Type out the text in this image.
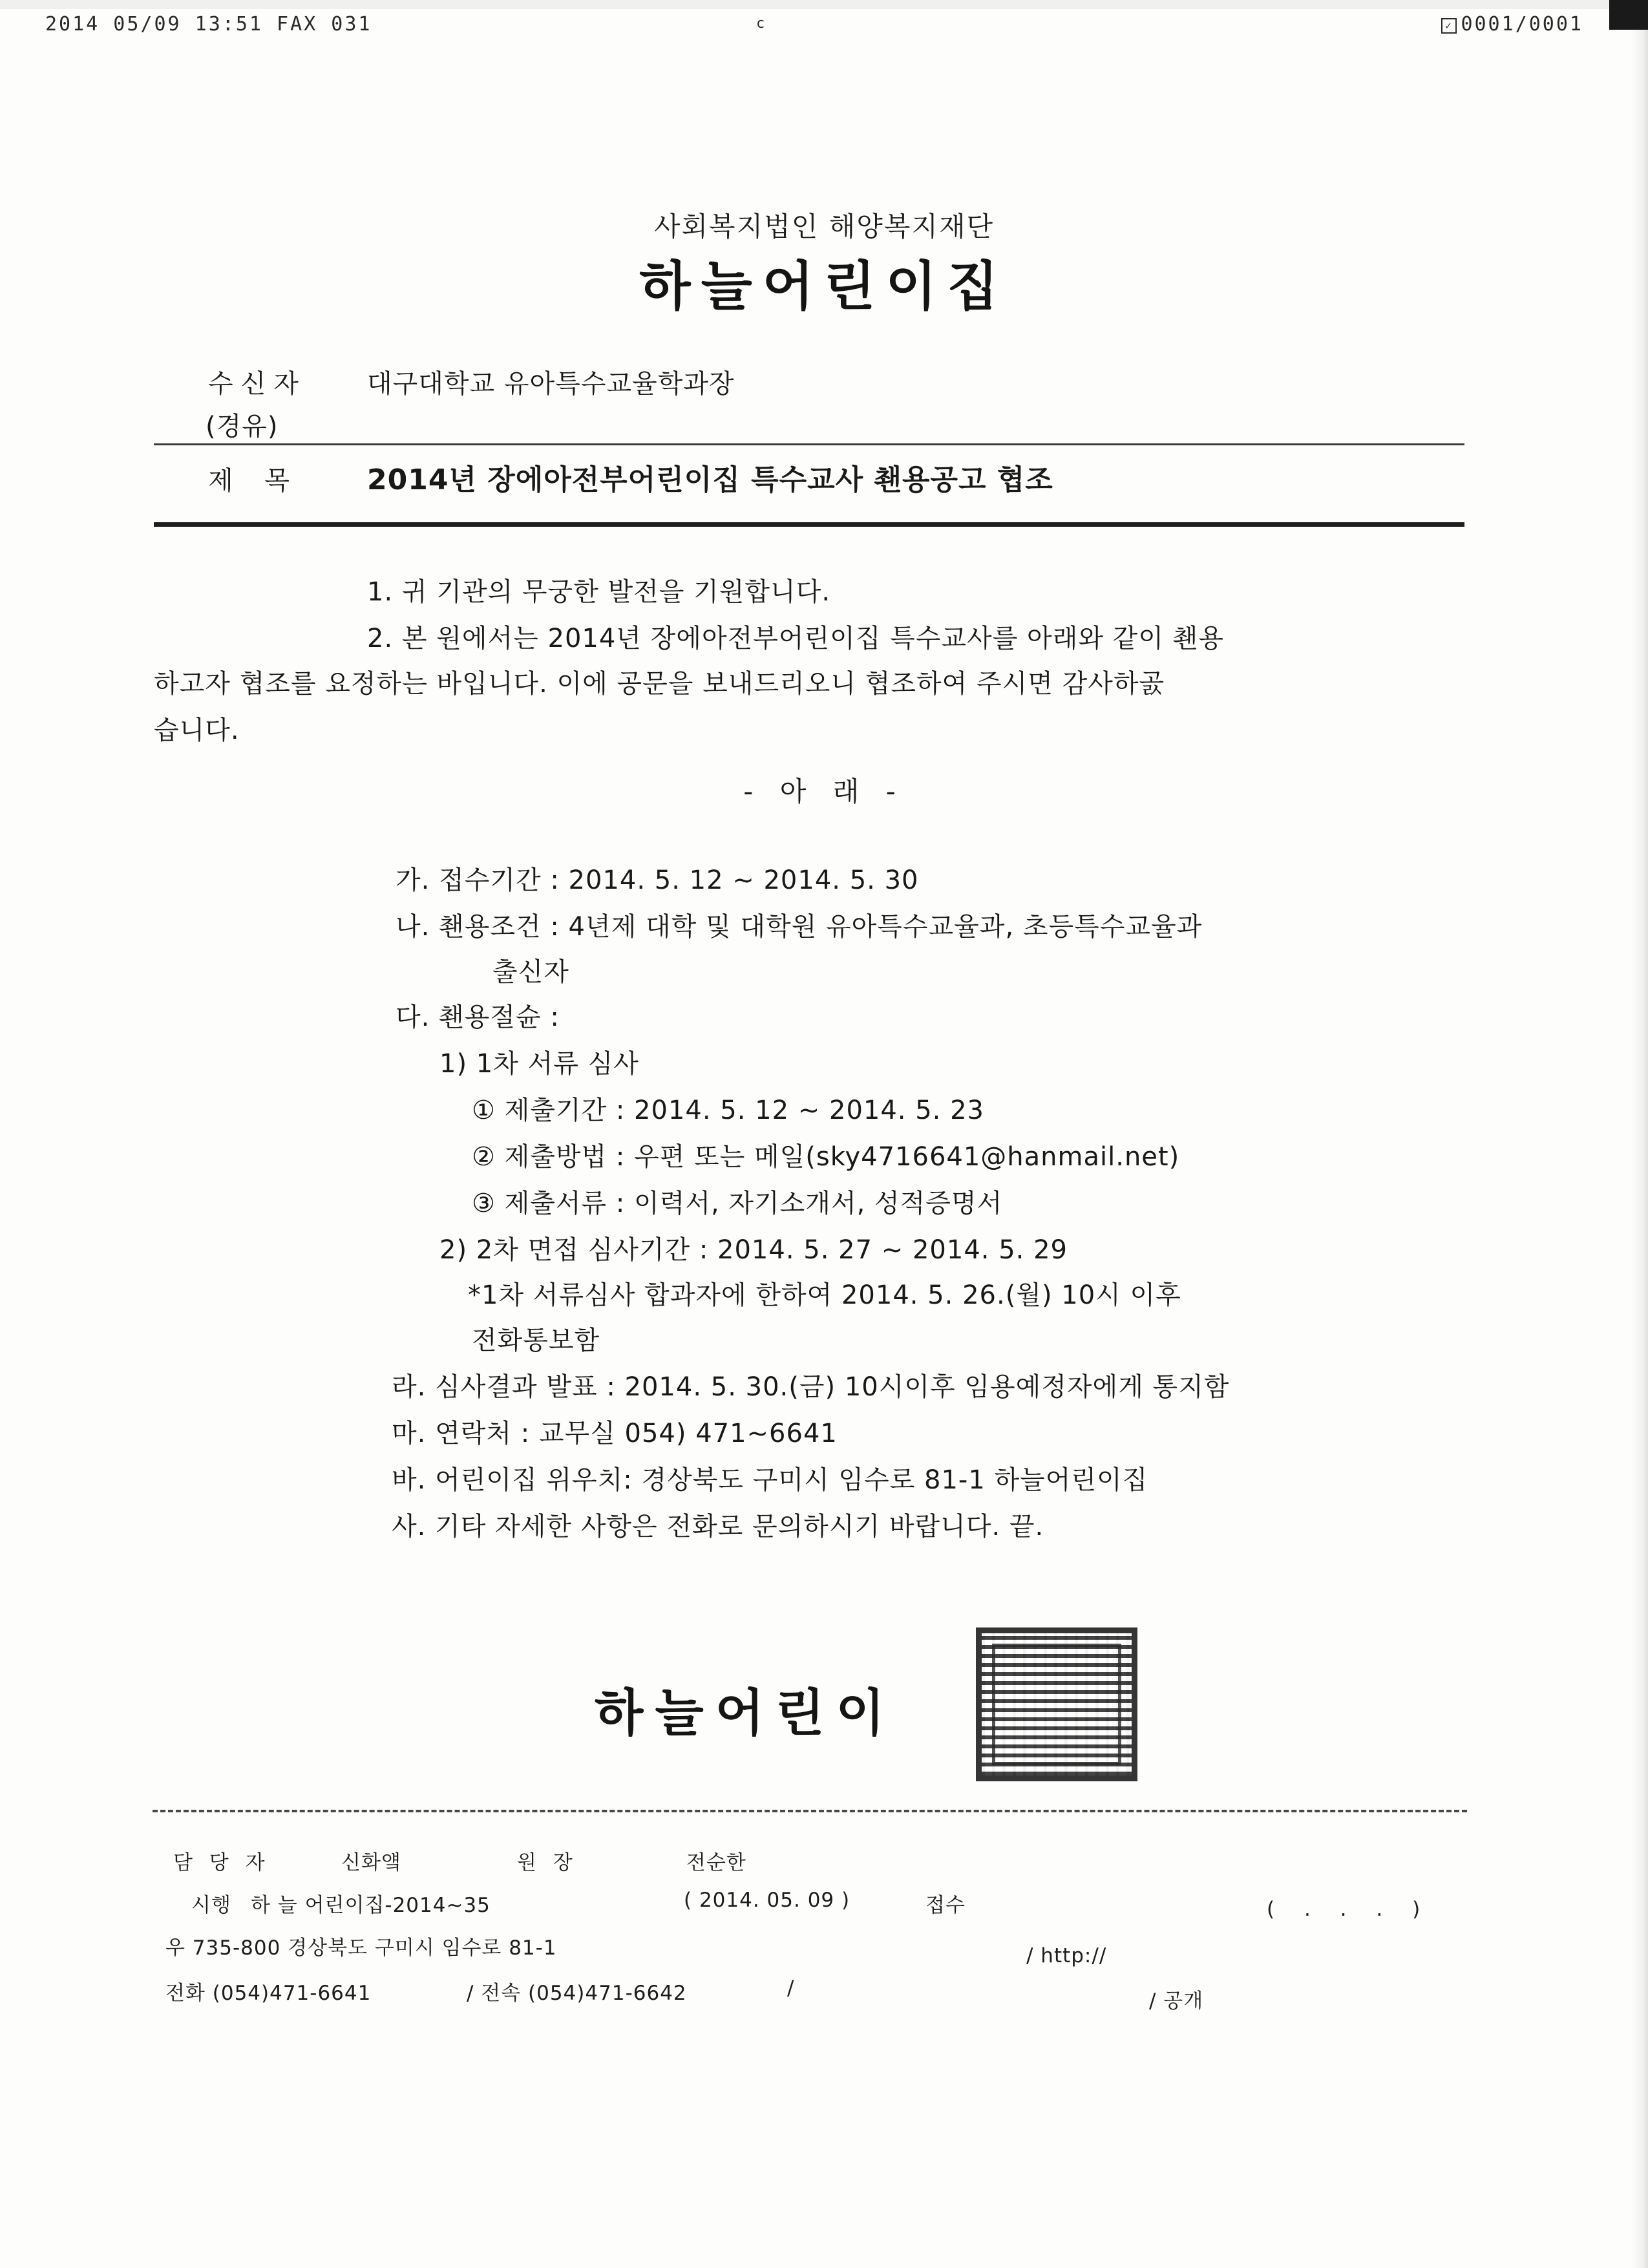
2014 05/09 13:51 FAX 031	c	✓ 0001/0001
사회복지법인 해양복지재단
하늘어린이집
수신자 대구대학교 유아특수교율학과장
(경유)
제 목 2014년 장에아전부어린이집 특수교사 쵄용공고 협조
1. 귀 기관의 무궁한 발전을 기원합니다.
2. 본 원에서는 2014년 장에아전부어린이집 특수교사를 아래와 같이 쵄용
하고자 협조를 요정하는 바입니다. 이에 공문을 보내드리오니 협조하여 주시면 감사하곬
습니다.
- 아 래 -
가. 접수기간 : 2014. 5. 12 ~ 2014. 5. 30
나. 쵄용조건 : 4년제 대학 및 대학원 유아특수교율과, 초등특수교율과
출신자
다. 쵄용절슌 :
1) 1차 서류 심사
① 제출기간 : 2014. 5. 12 ~ 2014. 5. 23
② 제출방법 : 우편 또는 메일(sky4716641@hanmail.net)
③ 제출서류 : 이력서, 자기소개서, 성적증명서
2) 2차 면접 심사기간 : 2014. 5. 27 ~ 2014. 5. 29
*1차 서류심사 합과자에 한하여 2014. 5. 26.(월) 10시 이후
전화통보함
라. 심사결과 발표 : 2014. 5. 30.(금) 10시이후 임용예정자에게 통지함
마. 연락처 : 교무실 054) 471~6641
바. 어린이집 위우치: 경상북도 구미시 임수로 81-1 하늘어린이집
사. 기타 자세한 사항은 전화로 문의하시기 바랍니다. 끝.
하늘어린이
담 당 자	신화얰	원 장	전순한
시행 하 늘 어린이집-2014~35	( 2014. 05. 09 )	접수	( . . . )
우 735-800 경상북도 구미시 임수로 81-1	/ http://
전화 (054)471-6641	/ 전속 (054)471-6642	/
/ 공개
